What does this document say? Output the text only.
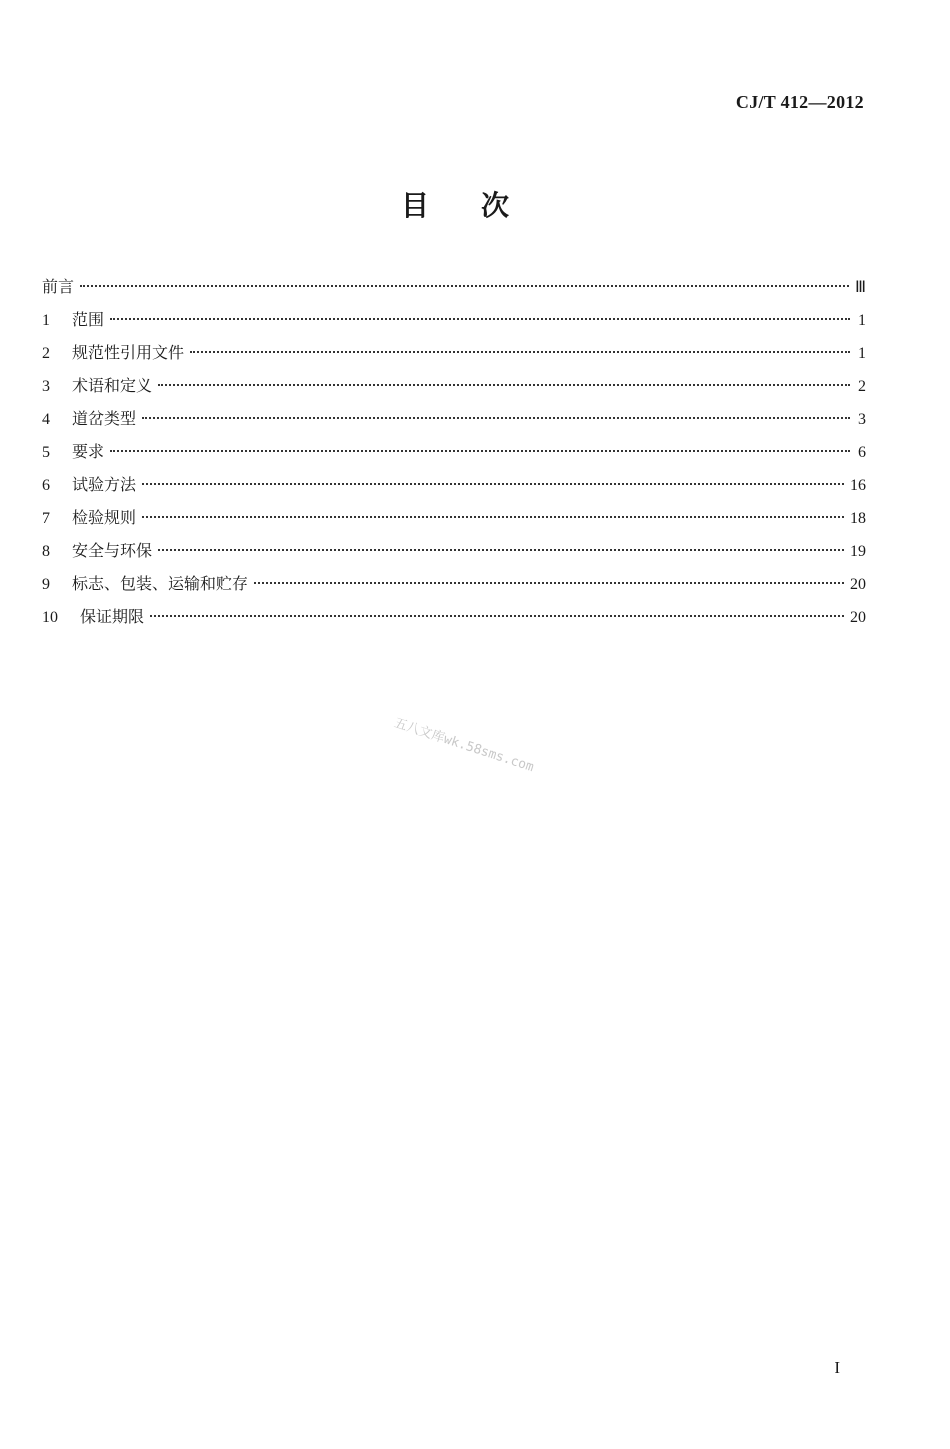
CJ/T 412—2012
目次
前言	Ⅲ
1	范围	1
2	规范性引用文件	1
3	术语和定义	2
4	道岔类型	3
5	要求	6
6	试验方法	16
7	检验规则	18
8	安全与环保	19
9	标志、包装、运输和贮存	20
10	保证期限	20
五八文库wk.58sms.com
I
